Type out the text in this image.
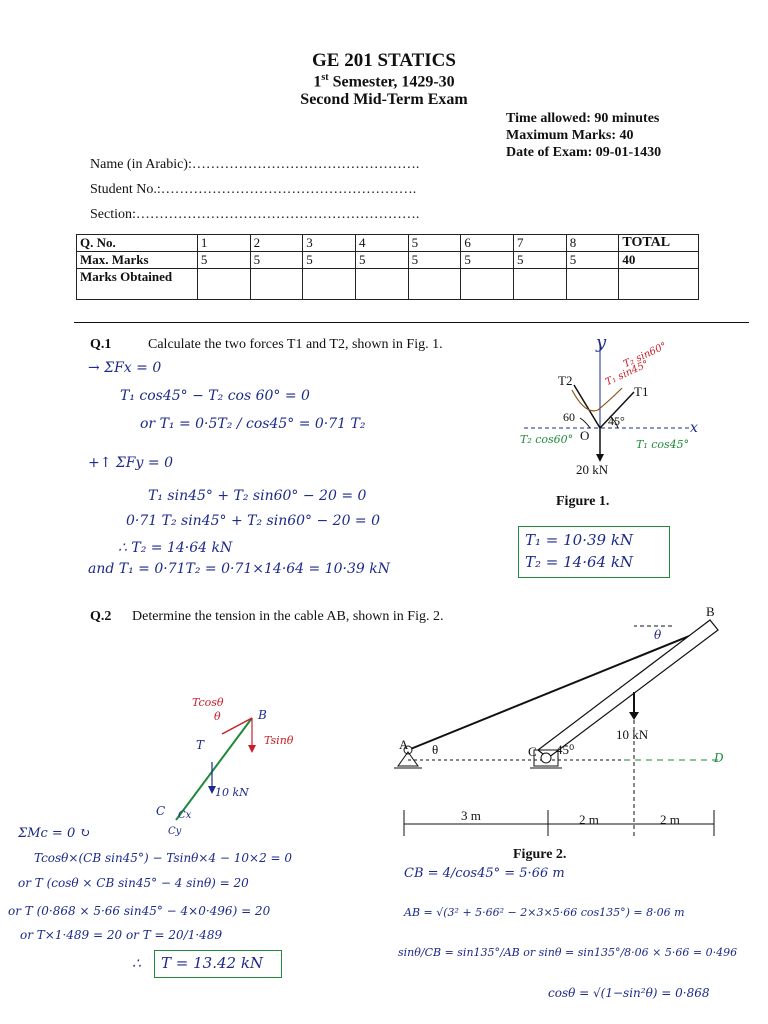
GE 201 STATICS
1st Semester, 1429-30
Second Mid-Term Exam
Time allowed: 90 minutes
Maximum Marks: 40
Date of Exam: 09-01-1430
Name (in Arabic):………………………………………….
Student No.:……………………………………………….
Section:…………………………………………………….
Q. No.	1	2	3	4	5	6	7	8	TOTAL
Max. Marks	5	5	5	5	5	5	5	5	40
Marks Obtained									
Q.1	Calculate the two forces T1 and T2, shown in Fig. 1.
→ ΣFx = 0
T₁ cos45° − T₂ cos 60° = 0
or T₁ = 0·5T₂ / cos45° = 0·71 T₂
+↑ ΣFy = 0
T₁ sin45° + T₂ sin60° − 20 = 0
0·71 T₂ sin45° + T₂ sin60° − 20 = 0
∴ T₂ = 14·64 kN
and T₁ = 0·71T₂ = 0·71×14·64 = 10·39 kN
y T₂ sin60°
T₁ sin45°
T2
T1
60	45°
O	x
T₂ cos60°	T₁ cos45°
20 kN
Figure 1.
T₁ = 10·39 kN
T₂ = 14·64 kN
Q.2 Determine the tension in the cable AB, shown in Fig. 2.
Tcosθ
θ	B
T	Tsinθ
10 kN
C Cx
Cy
ΣMc = 0 ↻
Tcosθ×(CB sin45°) − Tsinθ×4 − 10×2 = 0
or T (cosθ × CB sin45° − 4 sinθ) = 20
or T (0·868 × 5·66 sin45° − 4×0·496) = 20
or T×1·489 = 20 or T = 20/1·489
∴ T = 13.42 kN
B
θ
A θ	C 45⁰
10 kN
D
3 m	2 m	2 m
Figure 2.
CB = 4/cos45° = 5·66 m
AB = √(3² + 5·66² − 2×3×5·66 cos135°) = 8·06 m
sinθ/CB = sin135°/AB or sinθ = sin135°/8·06 × 5·66 = 0·496
cosθ = √(1−sin²θ) = 0·868
